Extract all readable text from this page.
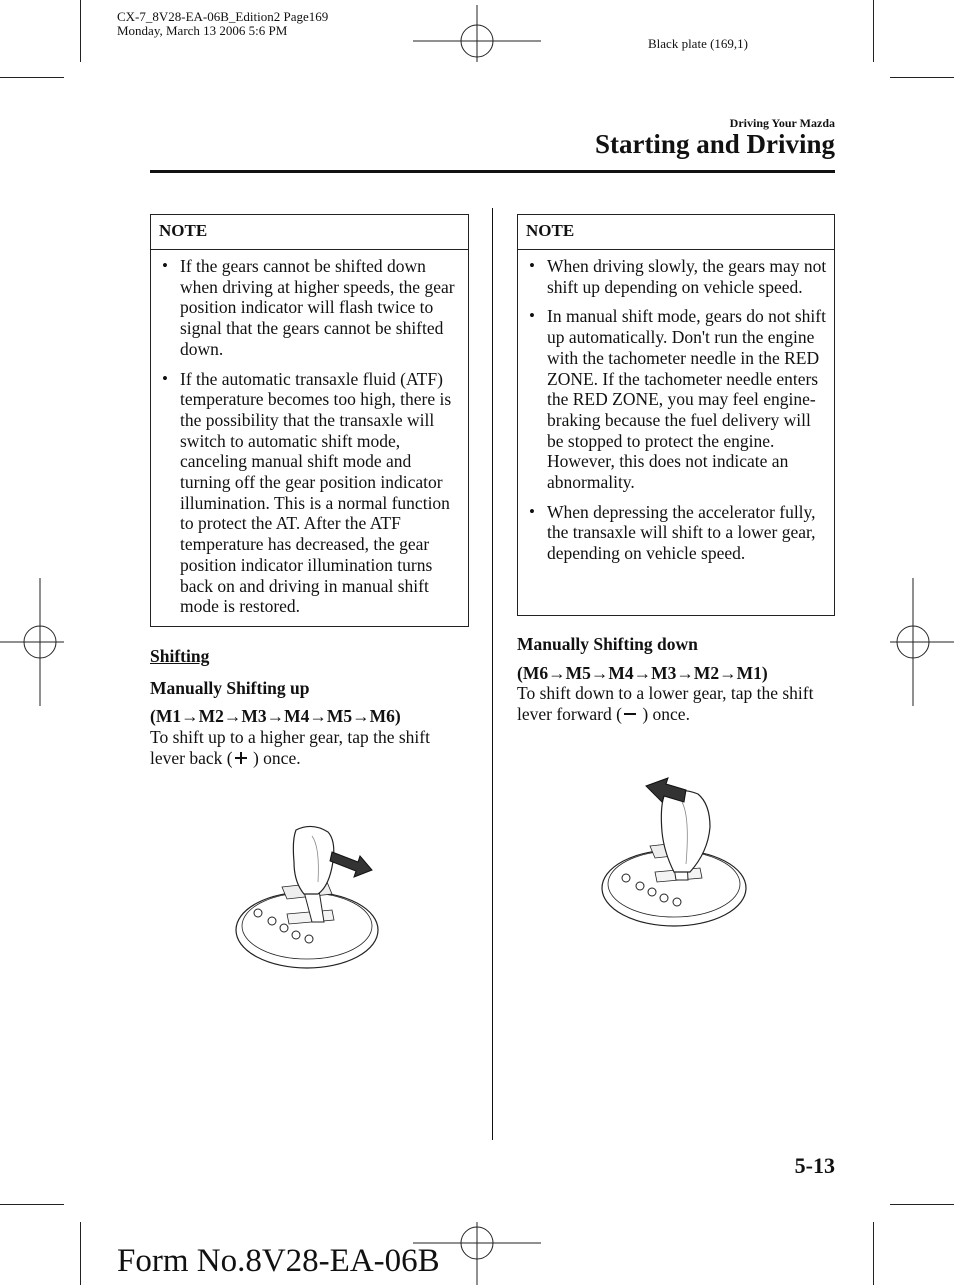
CX-7_8V28-EA-06B_Edition2 Page169
Monday, March 13 2006 5:6 PM
Black plate (169,1)
Driving Your Mazda
Starting and Driving
NOTE
• If the gears cannot be shifted down when driving at higher speeds, the gear position indicator will flash twice to signal that the gears cannot be shifted down.
• If the automatic transaxle fluid (ATF) temperature becomes too high, there is the possibility that the transaxle will switch to automatic shift mode, canceling manual shift mode and turning off the gear position indicator illumination. This is a normal function to protect the AT. After the ATF temperature has decreased, the gear position indicator illumination turns back on and driving in manual shift mode is restored.
Shifting
Manually Shifting up
(M1→M2→M3→M4→M5→M6)
To shift up to a higher gear, tap the shift lever back ( ) once.
NOTE
• When driving slowly, the gears may not shift up depending on vehicle speed.
• In manual shift mode, gears do not shift up automatically. Don't run the engine with the tachometer needle in the RED ZONE. If the tachometer needle enters the RED ZONE, you may feel engine-braking because the fuel delivery will be stopped to protect the engine. However, this does not indicate an abnormality.
• When depressing the accelerator fully, the transaxle will shift to a lower gear, depending on vehicle speed.
Manually Shifting down
(M6→M5→M4→M3→M2→M1)
To shift down to a lower gear, tap the shift lever forward ( ) once.
5-13
Form No.8V28-EA-06B
